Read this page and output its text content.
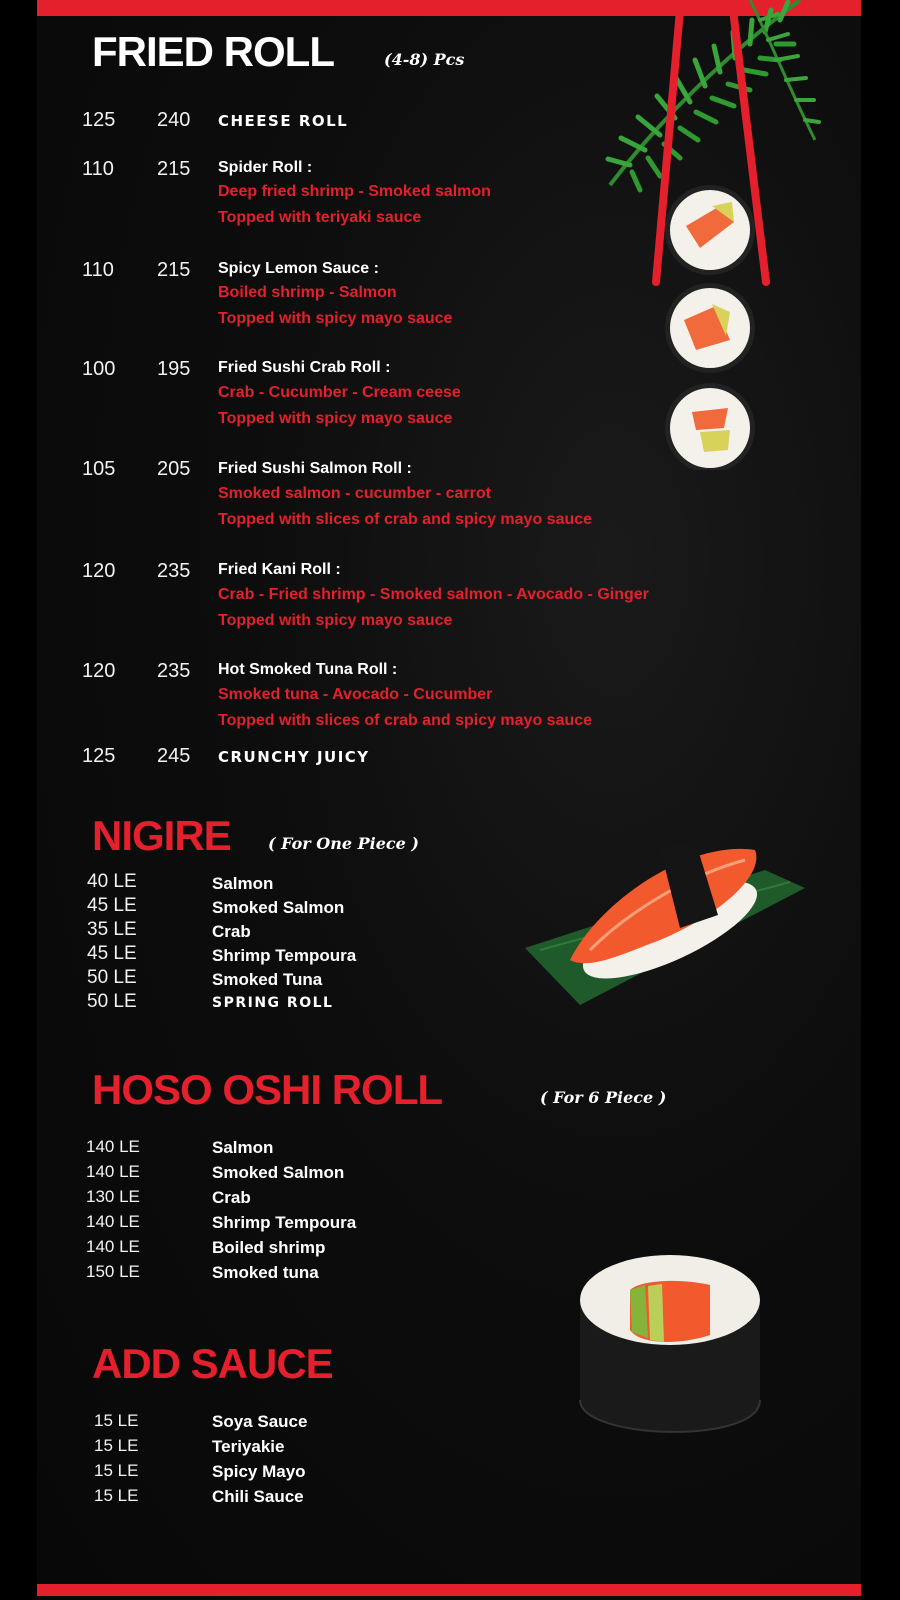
FRIED ROLL	(4-8) Pcs
125 240 CHEESE ROLL
110 215 Spider Roll :
Deep fried shrimp - Smoked salmon
Topped with teriyaki sauce
110 215 Spicy Lemon Sauce :
Boiled shrimp - Salmon
Topped with spicy mayo sauce
100 195 Fried Sushi Crab Roll :
Crab - Cucumber - Cream ceese
Topped with spicy mayo sauce
105 205 Fried Sushi Salmon Roll :
Smoked salmon - cucumber - carrot
Topped with slices of crab and spicy mayo sauce
120 235 Fried Kani Roll :
Crab - Fried shrimp - Smoked salmon - Avocado - Ginger
Topped with spicy mayo sauce
120 235 Hot Smoked Tuna Roll :
Smoked tuna - Avocado - Cucumber
Topped with slices of crab and spicy mayo sauce
125 245 CRUNCHY JUICY
NIGIRE ( For One Piece )
40 LE	Salmon
45 LE	Smoked Salmon
35 LE	Crab
45 LE	Shrimp Tempoura
50 LE	Smoked Tuna
50 LE	SPRING ROLL
HOSO OSHI ROLL	( For 6 Piece )
140 LE	Salmon
140 LE	Smoked Salmon
130 LE	Crab
140 LE	Shrimp Tempoura
140 LE	Boiled shrimp
150 LE	Smoked tuna
ADD SAUCE
15 LE	Soya Sauce
15 LE	Teriyakie
15 LE	Spicy Mayo
15 LE	Chili Sauce
